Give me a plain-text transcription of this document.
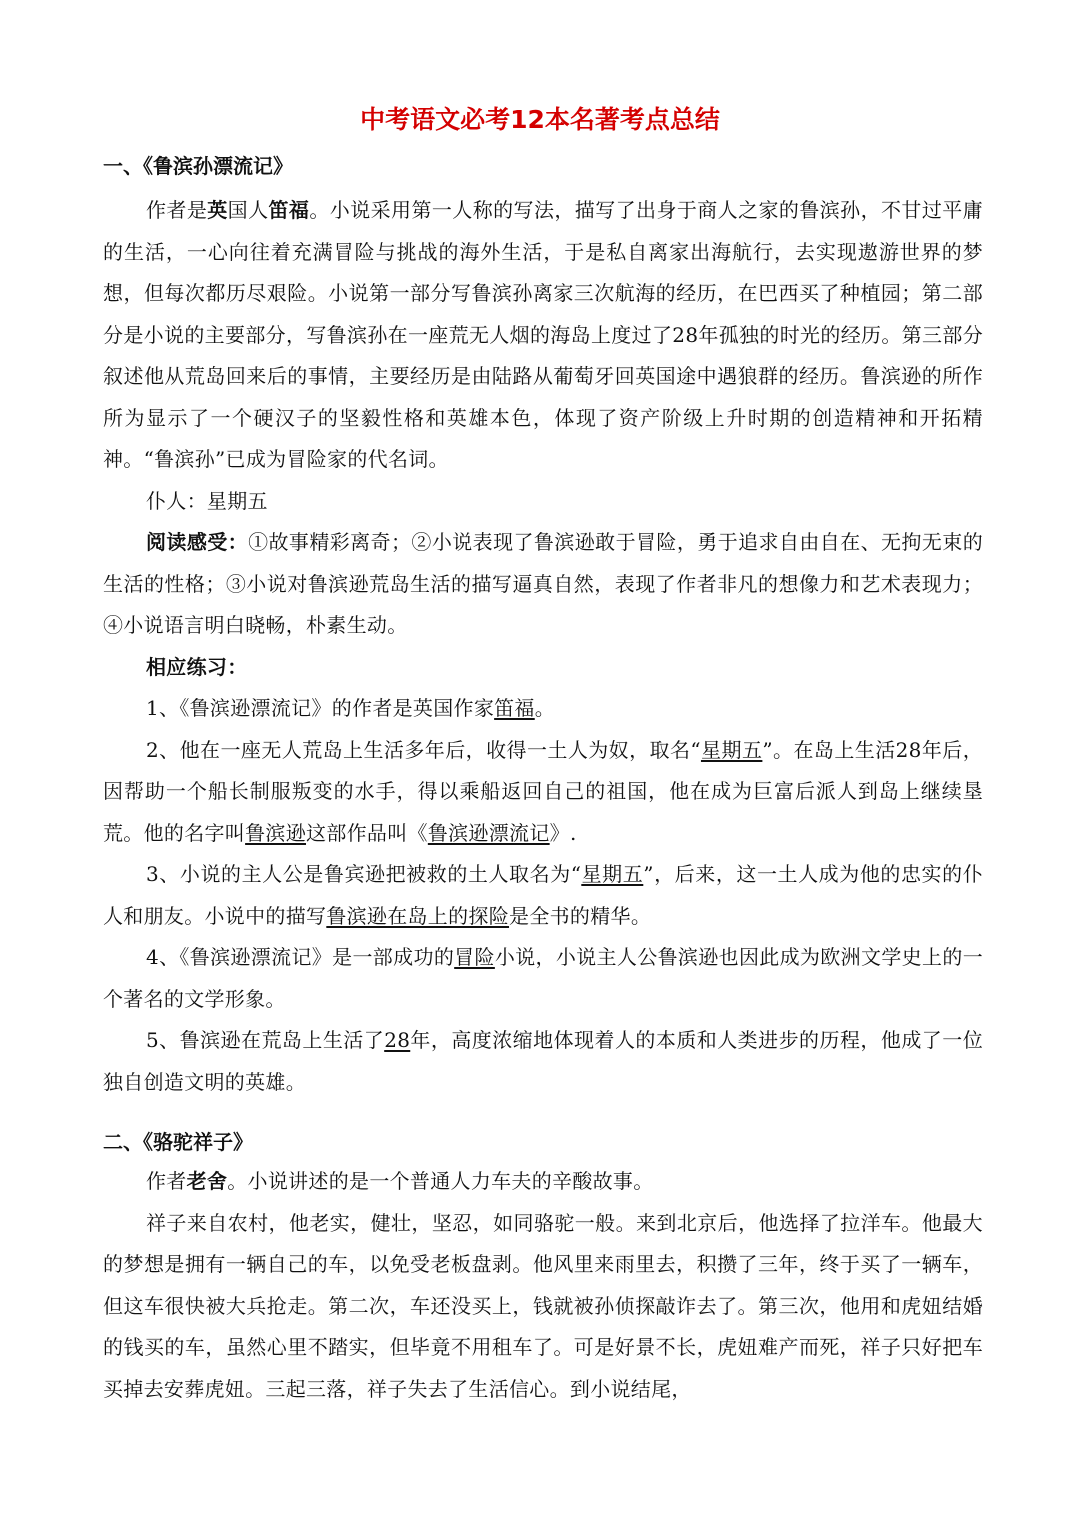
中考语文必考12本名著考点总结
一、《鲁滨孙漂流记》

作者是英国人笛福。小说采用第一人称的写法，描写了出身于商人之家的鲁滨孙，不甘过平庸的生活，一心向往着充满冒险与挑战的海外生活，于是私自离家出海航行，去实现遨游世界的梦想，但每次都历尽艰险。小说第一部分写鲁滨孙离家三次航海的经历，在巴西买了种植园；第二部分是小说的主要部分，写鲁滨孙在一座荒无人烟的海岛上度过了28年孤独的时光的经历。第三部分叙述他从荒岛回来后的事情，主要经历是由陆路从葡萄牙回英国途中遇狼群的经历。鲁滨逊的所作所为显示了一个硬汉子的坚毅性格和英雄本色，体现了资产阶级上升时期的创造精神和开拓精神。“鲁滨孙”已成为冒险家的代名词。

仆人：星期五

阅读感受：①故事精彩离奇；②小说表现了鲁滨逊敢于冒险，勇于追求自由自在、无拘无束的生活的性格；③小说对鲁滨逊荒岛生活的描写逼真自然，表现了作者非凡的想像力和艺术表现力；④小说语言明白晓畅，朴素生动。

相应练习：

1、《鲁滨逊漂流记》的作者是英国作家笛福。

2、他在一座无人荒岛上生活多年后，收得一土人为奴，取名“星期五”。在岛上生活28年后，因帮助一个船长制服叛变的水手，得以乘船返回自己的祖国，他在成为巨富后派人到岛上继续垦荒。他的名字叫鲁滨逊这部作品叫《鲁滨逊漂流记》.

3、小说的主人公是鲁宾逊把被救的土人取名为“星期五”，后来，这一土人成为他的忠实的仆人和朋友。小说中的描写鲁滨逊在岛上的探险是全书的精华。

4、《鲁滨逊漂流记》是一部成功的冒险小说，小说主人公鲁滨逊也因此成为欧洲文学史上的一个著名的文学形象。

5、鲁滨逊在荒岛上生活了28年，高度浓缩地体现着人的本质和人类进步的历程，他成了一位独自创造文明的英雄。

二、《骆驼祥子》

作者老舍。小说讲述的是一个普通人力车夫的辛酸故事。

祥子来自农村，他老实，健壮，坚忍，如同骆驼一般。来到北京后，他选择了拉洋车。他最大的梦想是拥有一辆自己的车，以免受老板盘剥。他风里来雨里去，积攒了三年，终于买了一辆车，但这车很快被大兵抢走。第二次，车还没买上，钱就被孙侦探敲诈去了。第三次，他用和虎妞结婚的钱买的车，虽然心里不踏实，但毕竟不用租车了。可是好景不长，虎妞难产而死，祥子只好把车买掉去安葬虎妞。三起三落，祥子失去了生活信心。到小说结尾，
